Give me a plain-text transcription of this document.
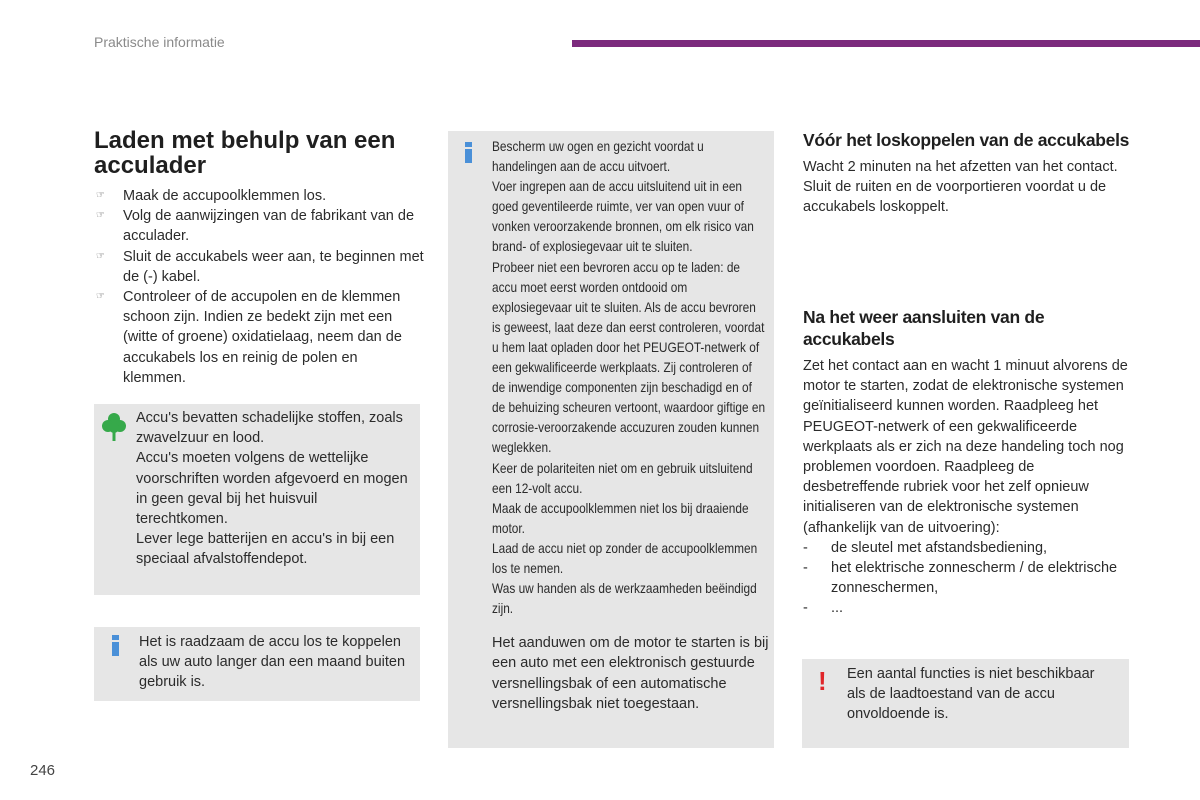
Praktische informatie
Laden met behulp van een acculader
☞ Maak de accupoolklemmen los.
☞ Volg de aanwijzingen van de fabrikant van de acculader.
☞ Sluit de accukabels weer aan, te beginnen met de (-) kabel.
☞ Controleer of de accupolen en de klemmen schoon zijn. Indien ze bedekt zijn met een (witte of groene) oxidatielaag, neem dan de accukabels los en reinig de polen en klemmen.

Accu's bevatten schadelijke stoffen, zoals zwavelzuur en lood.

Accu's moeten volgens de wettelijke voorschriften worden afgevoerd en mogen in geen geval bij het huisvuil terechtkomen.

Lever lege batterijen en accu's in bij een speciaal afvalstoffendepot.

Het is raadzaam de accu los te koppelen als uw auto langer dan een maand buiten gebruik is.

Bescherm uw ogen en gezicht voordat u handelingen aan de accu uitvoert.

Voer ingrepen aan de accu uitsluitend uit in een goed geventileerde ruimte, ver van open vuur of vonken veroorzakende bronnen, om elk risico van brand- of explosiegevaar uit te sluiten.

Probeer niet een bevroren accu op te laden: de accu moet eerst worden ontdooid om explosiegevaar uit te sluiten. Als de accu bevroren is geweest, laat deze dan eerst controleren, voordat u hem laat opladen door het PEUGEOT-netwerk of een gekwalificeerde werkplaats. Zij controleren of de inwendige componenten zijn beschadigd en of de behuizing scheuren vertoont, waardoor giftige en corrosie-veroorzakende accuzuren zouden kunnen weglekken.

Keer de polariteiten niet om en gebruik uitsluitend een 12-volt accu.

Maak de accupoolklemmen niet los bij draaiende motor.

Laad de accu niet op zonder de accupoolklemmen los te nemen.

Was uw handen als de werkzaamheden beëindigd zijn.

Het aanduwen om de motor te starten is bij een auto met een elektronisch gestuurde versnellingsbak of een automatische versnellingsbak niet toegestaan.

Vóór het loskoppelen van de accukabels

Wacht 2 minuten na het afzetten van het contact.

Sluit de ruiten en de voorportieren voordat u de accukabels loskoppelt.

Na het weer aansluiten van de accukabels

Zet het contact aan en wacht 1 minuut alvorens de motor te starten, zodat de elektronische systemen geïnitialiseerd kunnen worden. Raadpleeg het PEUGEOT-netwerk of een gekwalificeerde werkplaats als er zich na deze handeling toch nog problemen voordoen. Raadpleeg de desbetreffende rubriek voor het zelf opnieuw initialiseren van de elektronische systemen (afhankelijk van de uitvoering):

- de sleutel met afstandsbediening,
- het elektrische zonnescherm / de elektrische zonneschermen,
- ...
! Een aantal functies is niet beschikbaar als de laadtoestand van de accu onvoldoende is.

246
